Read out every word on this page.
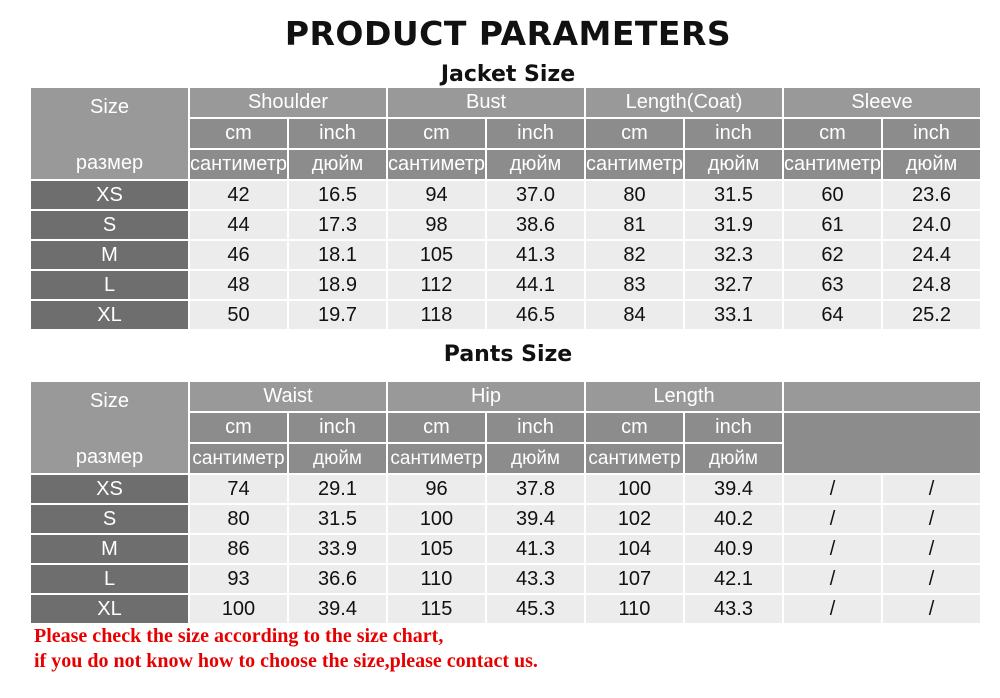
PRODUCT PARAMETERS
Jacket Size
Size
размер
Shoulder	Bust	Length(Coat)	Sleeve
cm	inch	cm	inch	cm	inch	cm	inch
сантиметр	дюйм	сантиметр	дюйм	сантиметр	дюйм	сантиметр	дюйм
XS	42	16.5	94	37.0	80	31.5	60	23.6
S	44	17.3	98	38.6	81	31.9	61	24.0
M	46	18.1	105	41.3	82	32.3	62	24.4
L	48	18.9	112	44.1	83	32.7	63	24.8
XL	50	19.7	118	46.5	84	33.1	64	25.2
Pants Size
Size
размер
Waist	Hip	Length
cm	inch	cm	inch	cm	inch
сантиметр	дюйм	сантиметр	дюйм	сантиметр	дюйм
XS	74	29.1	96	37.8	100	39.4	/	/
S	80	31.5	100	39.4	102	40.2	/	/
M	86	33.9	105	41.3	104	40.9	/	/
L	93	36.6	110	43.3	107	42.1	/	/
XL	100	39.4	115	45.3	110	43.3	/	/
Please check the size according to the size chart,
if you do not know how to choose the size,please contact us.
